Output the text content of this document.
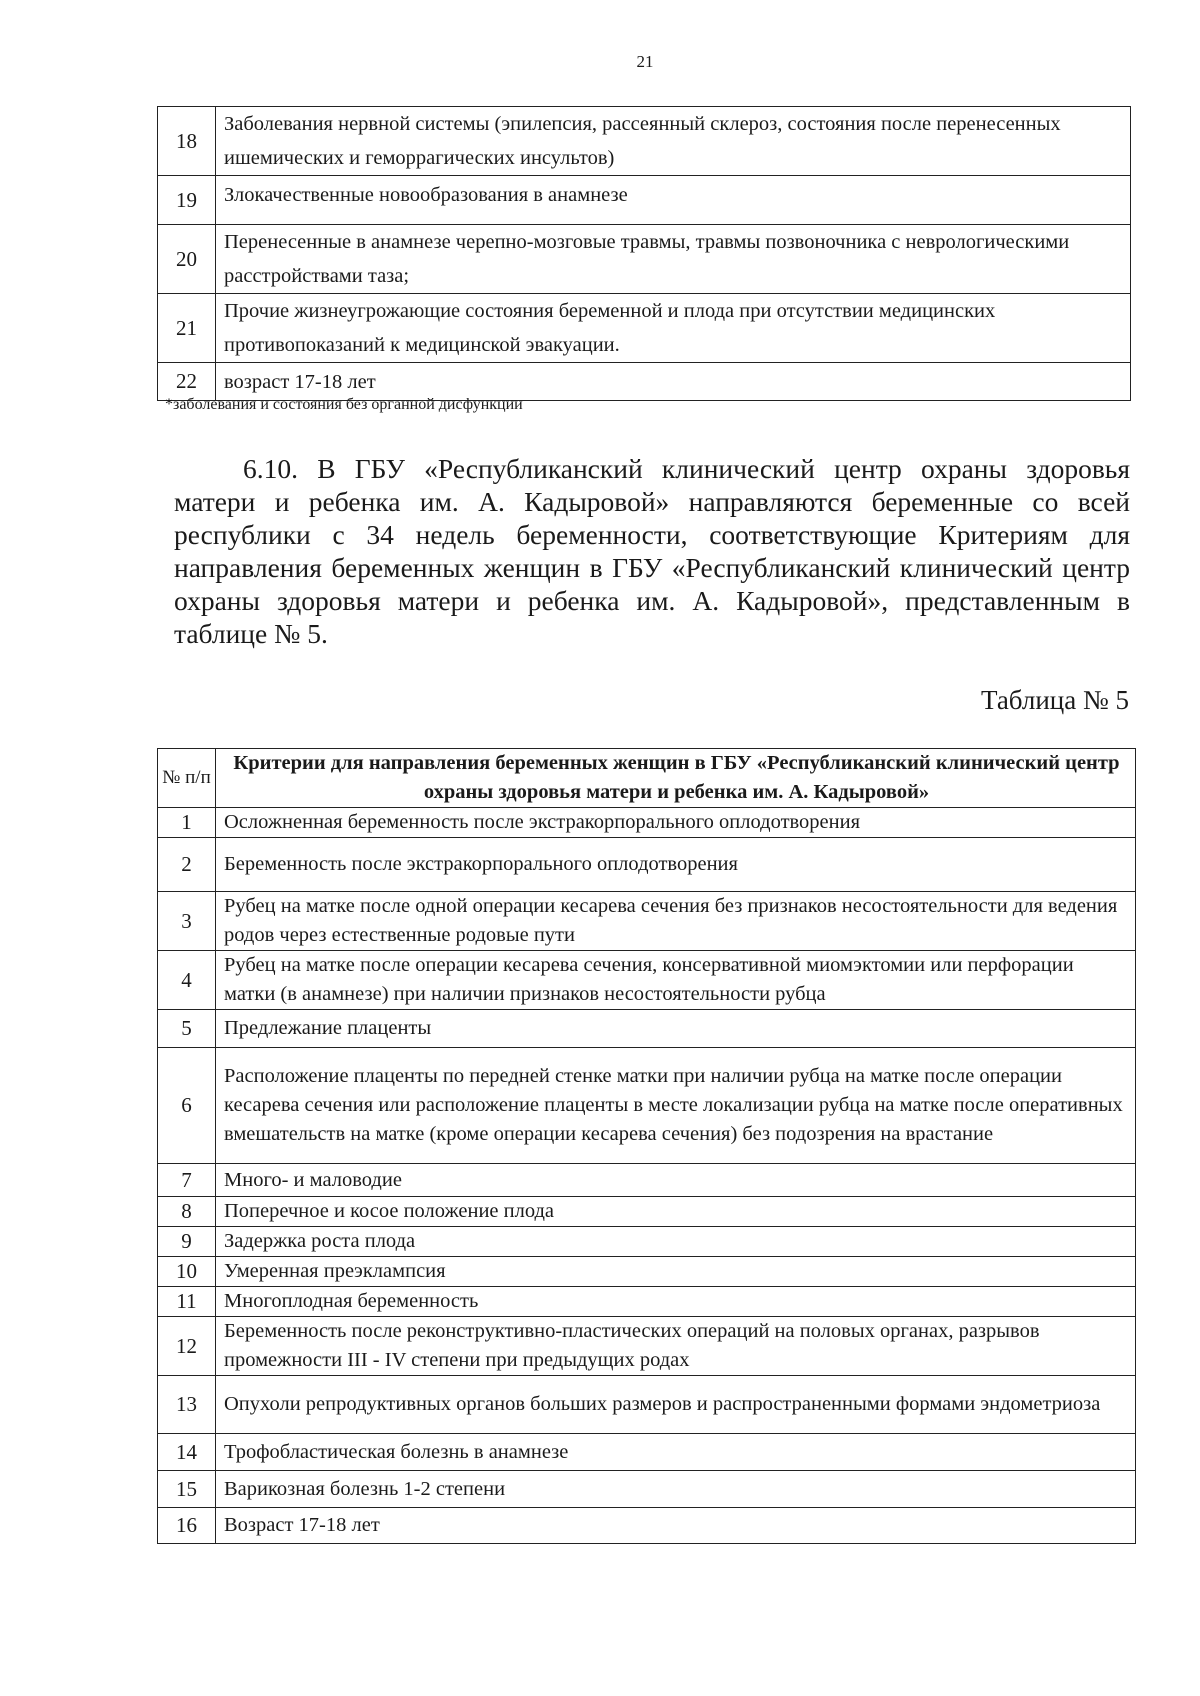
21
18	Заболевания нервной системы (эпилепсия, рассеянный склероз, состояния после перенесенных ишемических и геморрагических инсультов)
19	Злокачественные новообразования в анамнезе
20	Перенесенные в анамнезе черепно-мозговые травмы, травмы позвоночника с неврологическими расстройствами таза;
21	Прочие жизнеугрожающие состояния беременной и плода при отсутствии медицинских противопоказаний к медицинской эвакуации.
22	возраст 17-18 лет
*заболевания и состояния без органной дисфункции

6.10. В ГБУ «Республиканский клинический центр охраны здоровья матери и ребенка им. А. Кадыровой» направляются беременные со всей республики с 34 недель беременности, соответствующие Критериям для направления беременных женщин в ГБУ «Республиканский клинический центр охраны здоровья матери и ребенка им. А. Кадыровой», представленным в таблице № 5.

Таблица № 5
№ п/п	Критерии для направления беременных женщин в ГБУ «Республиканский клинический центр охраны здоровья матери и ребенка им. А. Кадыровой»
1	Осложненная беременность после экстракорпорального оплодотворения
2	Беременность после экстракорпорального оплодотворения
3	Рубец на матке после одной операции кесарева сечения без признаков несостоятельности для ведения родов через естественные родовые пути
4	Рубец на матке после операции кесарева сечения, консервативной миомэктомии или перфорации матки (в анамнезе) при наличии признаков несостоятельности рубца
5	Предлежание плаценты
6	Расположение плаценты по передней стенке матки при наличии рубца на матке после операции кесарева сечения или расположение плаценты в месте локализации рубца на матке после оперативных вмешательств на матке (кроме операции кесарева сечения) без подозрения на врастание
7	Много- и маловодие
8	Поперечное и косое положение плода
9	Задержка роста плода
10	Умеренная преэклампсия
11	Многоплодная беременность
12	Беременность после реконструктивно-пластических операций на половых органах, разрывов промежности III - IV степени при предыдущих родах
13	Опухоли репродуктивных органов больших размеров и распространенными формами эндометриоза
14	Трофобластическая болезнь в анамнезе
15	Варикозная болезнь 1-2 степени
16	Возраст 17-18 лет
